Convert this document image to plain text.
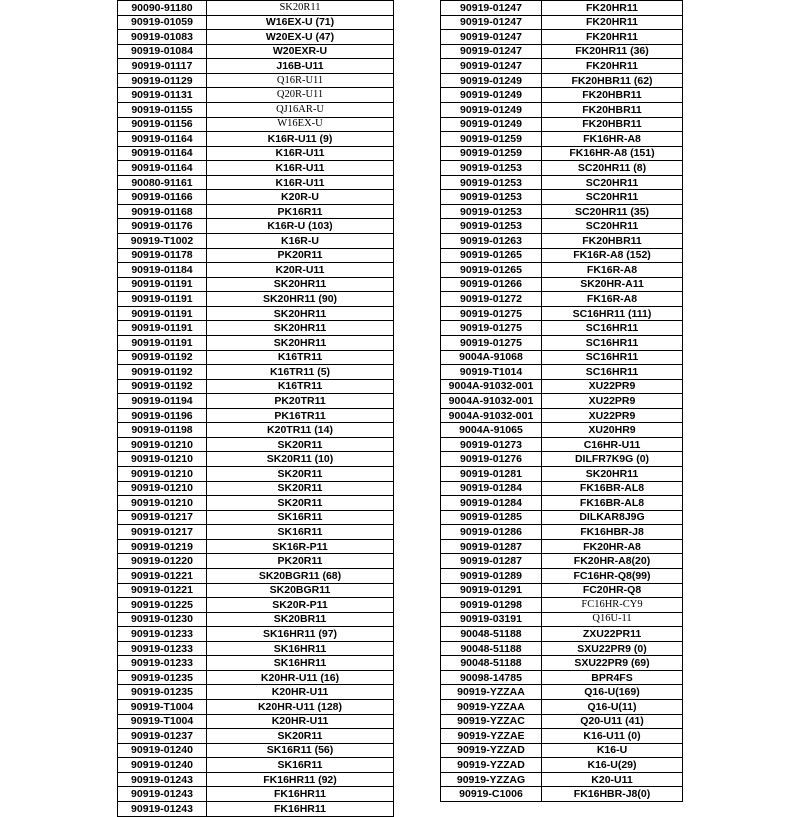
90090-91180	SK20R11
90919-01059	W16EX-U (71)
90919-01083	W20EX-U (47)
90919-01084	W20EXR-U
90919-01117	J16B-U11
90919-01129	Q16R-U11
90919-01131	Q20R-U11
90919-01155	QJ16AR-U
90919-01156	W16EX-U
90919-01164	K16R-U11 (9)
90919-01164	K16R-U11
90919-01164	K16R-U11
90080-91161	K16R-U11
90919-01166	K20R-U
90919-01168	PK16R11
90919-01176	K16R-U (103)
90919-T1002	K16R-U
90919-01178	PK20R11
90919-01184	K20R-U11
90919-01191	SK20HR11
90919-01191	SK20HR11 (90)
90919-01191	SK20HR11
90919-01191	SK20HR11
90919-01191	SK20HR11
90919-01192	K16TR11
90919-01192	K16TR11 (5)
90919-01192	K16TR11
90919-01194	PK20TR11
90919-01196	PK16TR11
90919-01198	K20TR11 (14)
90919-01210	SK20R11
90919-01210	SK20R11 (10)
90919-01210	SK20R11
90919-01210	SK20R11
90919-01210	SK20R11
90919-01217	SK16R11
90919-01217	SK16R11
90919-01219	SK16R-P11
90919-01220	PK20R11
90919-01221	SK20BGR11 (68)
90919-01221	SK20BGR11
90919-01225	SK20R-P11
90919-01230	SK20BR11
90919-01233	SK16HR11 (97)
90919-01233	SK16HR11
90919-01233	SK16HR11
90919-01235	K20HR-U11 (16)
90919-01235	K20HR-U11
90919-T1004	K20HR-U11 (128)
90919-T1004	K20HR-U11
90919-01237	SK20R11
90919-01240	SK16R11 (56)
90919-01240	SK16R11
90919-01243	FK16HR11 (92)
90919-01243	FK16HR11
90919-01243	FK16HR11
90919-01247	FK20HR11
90919-01247	FK20HR11
90919-01247	FK20HR11
90919-01247	FK20HR11 (36)
90919-01247	FK20HR11
90919-01249	FK20HBR11 (62)
90919-01249	FK20HBR11
90919-01249	FK20HBR11
90919-01249	FK20HBR11
90919-01259	FK16HR-A8
90919-01259	FK16HR-A8 (151)
90919-01253	SC20HR11 (8)
90919-01253	SC20HR11
90919-01253	SC20HR11
90919-01253	SC20HR11 (35)
90919-01253	SC20HR11
90919-01263	FK20HBR11
90919-01265	FK16R-A8 (152)
90919-01265	FK16R-A8
90919-01266	SK20HR-A11
90919-01272	FK16R-A8
90919-01275	SC16HR11 (111)
90919-01275	SC16HR11
90919-01275	SC16HR11
9004A-91068	SC16HR11
90919-T1014	SC16HR11
9004A-91032-001	XU22PR9
9004A-91032-001	XU22PR9
9004A-91032-001	XU22PR9
9004A-91065	XU20HR9
90919-01273	C16HR-U11
90919-01276	DILFR7K9G (0)
90919-01281	SK20HR11
90919-01284	FK16BR-AL8
90919-01284	FK16BR-AL8
90919-01285	DILKAR8J9G
90919-01286	FK16HBR-J8
90919-01287	FK20HR-A8
90919-01287	FK20HR-A8(20)
90919-01289	FC16HR-Q8(99)
90919-01291	FC20HR-Q8
90919-01298	FC16HR-CY9
90919-03191	Q16U-11
90048-51188	ZXU22PR11
90048-51188	SXU22PR9 (0)
90048-51188	SXU22PR9 (69)
90098-14785	BPR4FS
90919-YZZAA	Q16-U(169)
90919-YZZAA	Q16-U(11)
90919-YZZAC	Q20-U11 (41)
90919-YZZAE	K16-U11 (0)
90919-YZZAD	K16-U
90919-YZZAD	K16-U(29)
90919-YZZAG	K20-U11
90919-C1006	FK16HBR-J8(0)
